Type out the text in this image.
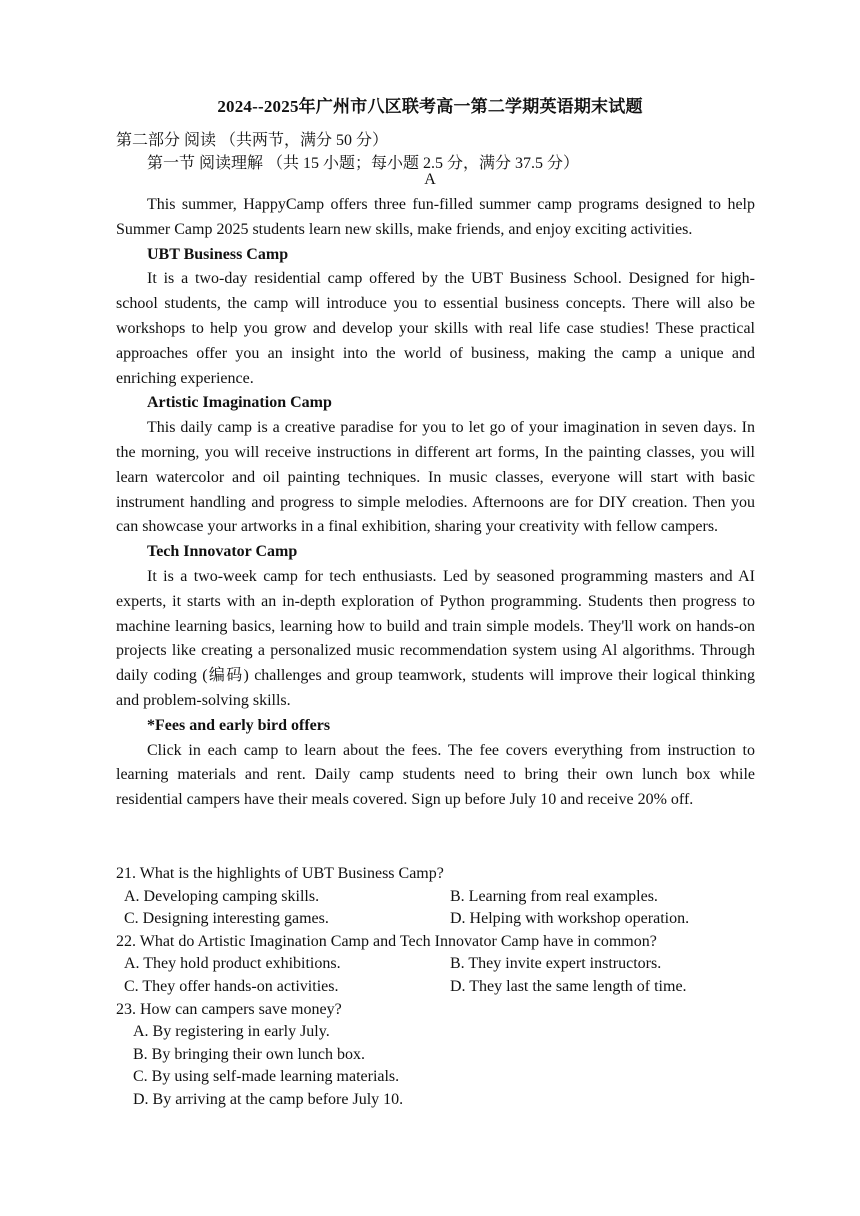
2024--2025年广州市八区联考高一第二学期英语期末试题
第二部分 阅读 （共两节，满分 50 分）
第一节 阅读理解 （共 15 小题；每小题 2.5 分，满分 37.5 分）
A

This summer, HappyCamp offers three fun-filled summer camp programs designed to help Summer Camp 2025 students learn new skills, make friends, and enjoy exciting activities.

UBT Business Camp

It is a two-day residential camp offered by the UBT Business School. Designed for high-school students, the camp will introduce you to essential business concepts. There will also be workshops to help you grow and develop your skills with real life case studies! These practical approaches offer you an insight into the world of business, making the camp a unique and enriching experience.

Artistic Imagination Camp

This daily camp is a creative paradise for you to let go of your imagination in seven days. In the morning, you will receive instructions in different art forms, In the painting classes, you will learn watercolor and oil painting techniques. In music classes, everyone will start with basic instrument handling and progress to simple melodies. Afternoons are for DIY creation. Then you can showcase your artworks in a final exhibition, sharing your creativity with fellow campers.

Tech Innovator Camp

It is a two-week camp for tech enthusiasts. Led by seasoned programming masters and AI experts, it starts with an in-depth exploration of Python programming. Students then progress to machine learning basics, learning how to build and train simple models. They'll work on hands-on projects like creating a personalized music recommendation system using Al algorithms. Through daily coding (编码) challenges and group teamwork, students will improve their logical thinking and problem-solving skills.

*Fees and early bird offers

Click in each camp to learn about the fees. The fee covers everything from instruction to learning materials and rent. Daily camp students need to bring their own lunch box while residential campers have their meals covered. Sign up before July 10 and receive 20% off.

21. What is the highlights of UBT Business Camp?
A. Developing camping skills.	B. Learning from real examples.
C. Designing interesting games.	D. Helping with workshop operation.
22. What do Artistic Imagination Camp and Tech Innovator Camp have in common?
A. They hold product exhibitions.	B. They invite expert instructors.
C. They offer hands-on activities.	D. They last the same length of time.
23. How can campers save money?
A. By registering in early July.
B. By bringing their own lunch box.
C. By using self-made learning materials.
D. By arriving at the camp before July 10.
